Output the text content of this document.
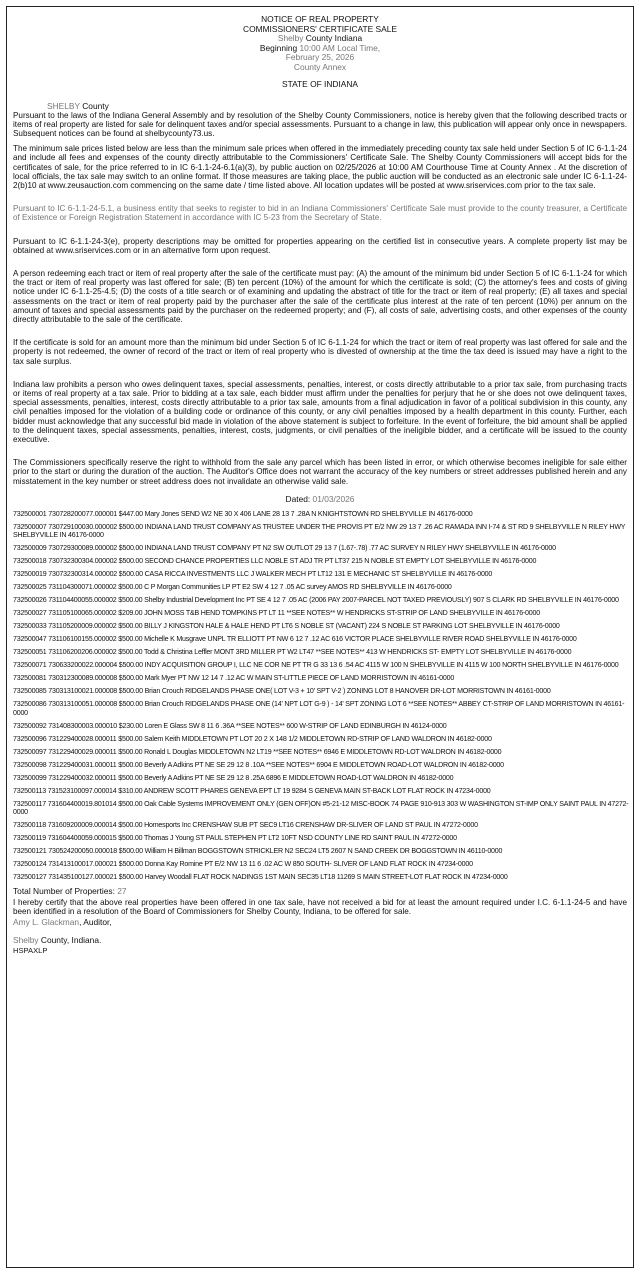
NOTICE OF REAL PROPERTY
COMMISSIONERS' CERTIFICATE SALE
Shelby County Indiana
Beginning 10:00 AM Local Time,
February 25, 2026
County Annex
STATE OF INDIANA
SHELBY County

Pursuant to the laws of the Indiana General Assembly and by resolution of the Shelby County Commissioners, notice is hereby given that the following described tracts or items of real property are listed for sale for delinquent taxes and/or special assessments. Pursuant to a change in law, this publication will appear only once in newspapers. Subsequent notices can be found at shelbycounty73.us.

The minimum sale prices listed below are less than the minimum sale prices when offered in the immediately preceding county tax sale held under Section 5 of IC 6-1.1-24 and include all fees and expenses of the county directly attributable to the Commissioners' Certificate Sale. The Shelby County Commissioners will accept bids for the certificates of sale, for the price referred to in IC 6-1.1-24-6.1(a)(3), by public auction on 02/25/2026 at 10:00 AM Courthouse Time at County Annex . At the discretion of local officials, the tax sale may switch to an online format. If those measures are taking place, the public auction will be conducted as an electronic sale under IC 6-1.1-24-2(b)10 at www.zeusauction.com commencing on the same date / time listed above. All location updates will be posted at www.sriservices.com prior to the tax sale.

Pursuant to IC 6-1.1-24-5.1, a business entity that seeks to register to bid in an Indiana Commissioners' Certificate Sale must provide to the county treasurer, a Certificate of Existence or Foreign Registration Statement in accordance with IC 5-23 from the Secretary of State.

Pursuant to IC 6-1.1-24-3(e), property descriptions may be omitted for properties appearing on the certified list in consecutive years. A complete property list may be obtained at www.sriservices.com or in an alternative form upon request.

A person redeeming each tract or item of real property after the sale of the certificate must pay: (A) the amount of the minimum bid under Section 5 of IC 6-1.1-24 for which the tract or item of real property was last offered for sale; (B) ten percent (10%) of the amount for which the certificate is sold; (C) the attorney's fees and costs of giving notice under IC 6-1.1-25-4.5; (D) the costs of a title search or of examining and updating the abstract of title for the tract or item of real property; (E) all taxes and special assessments on the tract or item of real property paid by the purchaser after the sale of the certificate plus interest at the rate of ten percent (10%) per annum on the amount of taxes and special assessments paid by the purchaser on the redeemed property; and (F), all costs of sale, advertising costs, and other expenses of the county directly attributable to the sale of the certificate.

If the certificate is sold for an amount more than the minimum bid under Section 5 of IC 6-1.1-24 for which the tract or item of real property was last offered for sale and the property is not redeemed, the owner of record of the tract or item of real property who is divested of ownership at the time the tax deed is issued may have a right to the tax sale surplus.

Indiana law prohibits a person who owes delinquent taxes, special assessments, penalties, interest, or costs directly attributable to a prior tax sale, from purchasing tracts or items of real property at a tax sale. Prior to bidding at a tax sale, each bidder must affirm under the penalties for perjury that he or she does not owe delinquent taxes, special assessments, penalties, interest, costs directly attributable to a prior tax sale, amounts from a final adjudication in favor of a political subdivision in this county, any civil penalties imposed for the violation of a building code or ordinance of this county, or any civil penalties imposed by a health department in this county. Further, each bidder must acknowledge that any successful bid made in violation of the above statement is subject to forfeiture. In the event of forfeiture, the bid amount shall be applied to the delinquent taxes, special assessments, penalties, interest, costs, judgments, or civil penalties of the ineligible bidder, and a certificate will be issued to the county executive.

The Commissioners specifically reserve the right to withhold from the sale any parcel which has been listed in error, or which otherwise becomes ineligible for sale either prior to the start or during the duration of the auction. The Auditor's Office does not warrant the accuracy of the key numbers or street addresses published herein and any misstatement in the key number or street address does not invalidate an otherwise valid sale.

Dated: 01/03/2026
732500001 730728200077.000001 $447.00 Mary Jones SEND W2 NE 30 X 406 LANE 28 13 7 .28A N KNIGHTSTOWN RD SHELBYVILLE IN 46176-0000
732500007 730729100030.000002 $500.00 INDIANA LAND TRUST COMPANY AS TRUSTEE UNDER THE PROVIS PT E/2 NW 29 13 7 .26 AC RAMADA INN I-74 & ST RD 9 SHELBYVILLE N RILEY HWY SHELBYVILLE IN 46176-0000
732500009 730729300089.000002 $500.00 INDIANA LAND TRUST COMPANY PT N2 SW OUTLOT 29 13 7 (1.67-.78) .77 AC SURVEY N RILEY HWY SHELBYVILLE IN 46176-0000
732500018 730732300304.000002 $500.00 SECOND CHANCE PROPERTIES LLC NOBLE ST ADJ TR PT LT37 215 N NOBLE ST EMPTY LOT SHELBYVILLE IN 46176-0000
732500019 730732300314.000002 $500.00 CASA RICCA INVESTMENTS LLC J WALKER MECH PT LT12 131 E MECHANIC ST SHELBYVILLE IN 46176-0000
732500025 731104300071.000002 $500.00 C P Morgan Communities LP PT E2 SW 4 12 7 .05 AC survey AMOS RD SHELBYVILLE IN 46176-0000
732500026 731104400055.000002 $500.00 Shelby Industrial Development Inc PT SE 4 12 7 .05 AC (2006 PAY 2007-PARCEL NOT TAXED PREVIOUSLY) 907 S CLARK RD SHELBYVILLE IN 46176-0000
732500027 731105100065.000002 $209.00 JOHN MOSS T&B HEND TOMPKINS PT LT 11 **SEE NOTES** W HENDRICKS ST-STRIP OF LAND SHELBYVILLE IN 46176-0000
732500033 731105200009.000002 $500.00 BILLY J KINGSTON HALE & HALE HEND PT LT6 S NOBLE ST (VACANT) 224 S NOBLE ST PARKING LOT SHELBYVILLE IN 46176-0000
732500047 731106100155.000002 $500.00 Michelle K Musgrave UNPL TR ELLIOTT PT NW 6 12 7 .12 AC 616 VICTOR PLACE SHELBYVILLE RIVER ROAD SHELBYVILLE IN 46176-0000
732500051 731106200206.000002 $500.00 Todd & Christina Leffler MONT 3RD MILLER PT W2 LT47 **SEE NOTES** 413 W HENDRICKS ST- EMPTY LOT SHELBYVILLE IN 46176-0000
732500071 730633200022.000004 $500.00 INDY ACQUISITION GROUP I, LLC NE COR NE PT TR G 33 13 6 .54 AC 4115 W 100 N SHELBYVILLE IN 4115 W 100 NORTH SHELBYVILLE IN 46176-0000
732500081 730312300089.000008 $500.00 Mark Myer PT NW 12 14 7 .12 AC W MAIN ST-LITTLE PIECE OF LAND MORRISTOWN IN 46161-0000
732500085 730313100021.000008 $500.00 Brian Crouch RIDGELANDS PHASE ONE( LOT V-3 + 10' SPT V-2 ) ZONING LOT 8 HANOVER DR-LOT MORRISTOWN IN 46161-0000
732500086 730313100051.000008 $500.00 Brian Crouch RIDGELANDS PHASE ONE (14' NPT LOT G-9 ) - 14' SPT ZONING LOT 6 **SEE NOTES** ABBEY CT-STRIP OF LAND MORRISTOWN IN 46161-0000
732500092 731408300003.000010 $230.00 Loren E Glass SW 8 11 6 .36A **SEE NOTES** 600 W-STRIP OF LAND EDINBURGH IN 46124-0000
732500096 731229400028.000011 $500.00 Salem Keith MIDDLETOWN PT LOT 20 2 X 148 1/2 MIDDLETOWN RD-STRIP OF LAND WALDRON IN 46182-0000
732500097 731229400029.000011 $500.00 Ronald L Douglas MIDDLETOWN N2 LT19 **SEE NOTES** 6946 E MIDDLETOWN RD-LOT WALDRON IN 46182-0000
732500098 731229400031.000011 $500.00 Beverly A Adkins PT NE SE 29 12 8 .10A **SEE NOTES** 6904 E MIDDLETOWN ROAD-LOT WALDRON IN 46182-0000
732500099 731229400032.000011 $500.00 Beverly A Adkins PT NE SE 29 12 8 .25A 6896 E MIDDLETOWN ROAD-LOT WALDRON IN 46182-0000
732500113 731523100097.000014 $310.00 ANDREW SCOTT PHARES GENEVA EPT LT 19 9284 S GENEVA MAIN ST-BACK LOT FLAT ROCK IN 47234-0000
732500117 731604400019.801014 $500.00 Oak Cable Systems IMPROVEMENT ONLY (GEN OFF)ON #5-21-12 MISC-BOOK 74 PAGE 910-913 303 W WASHINGTON ST-IMP ONLY SAINT PAUL IN 47272-0000
732500118 731609200009.000014 $500.00 Homesports Inc CRENSHAW SUB PT SEC9 LT16 CRENSHAW DR-SLIVER OF LAND ST PAUL IN 47272-0000
732500119 731604400059.000015 $500.00 Thomas J Young ST PAUL STEPHEN PT LT2 10FT NSD COUNTY LINE RD SAINT PAUL IN 47272-0000
732500121 730524200050.000018 $500.00 William H Billman BOGGSTOWN STRICKLER N2 SEC24 LT5 2607 N SAND CREEK DR BOGGSTOWN IN 46110-0000
732500124 731413100017.000021 $500.00 Donna Kay Romine PT E/2 NW 13 11 6 .02 AC W 850 SOUTH- SLIVER OF LAND FLAT ROCK IN 47234-0000
732500127 731435100127.000021 $500.00 Harvey Woodall FLAT ROCK NADINGS 1ST MAIN SEC35 LT18 11269 S MAIN STREET-LOT FLAT ROCK IN 47234-0000
Total Number of Properties: 27

I hereby certify that the above real properties have been offered in one tax sale, have not received a bid for at least the amount required under I.C. 6-1.1-24-5 and have been identified in a resolution of the Board of Commissioners for Shelby County, Indiana, to be offered for sale.

Amy L. Glackman, Auditor,
Shelby County, Indiana.
HSPAXLP
